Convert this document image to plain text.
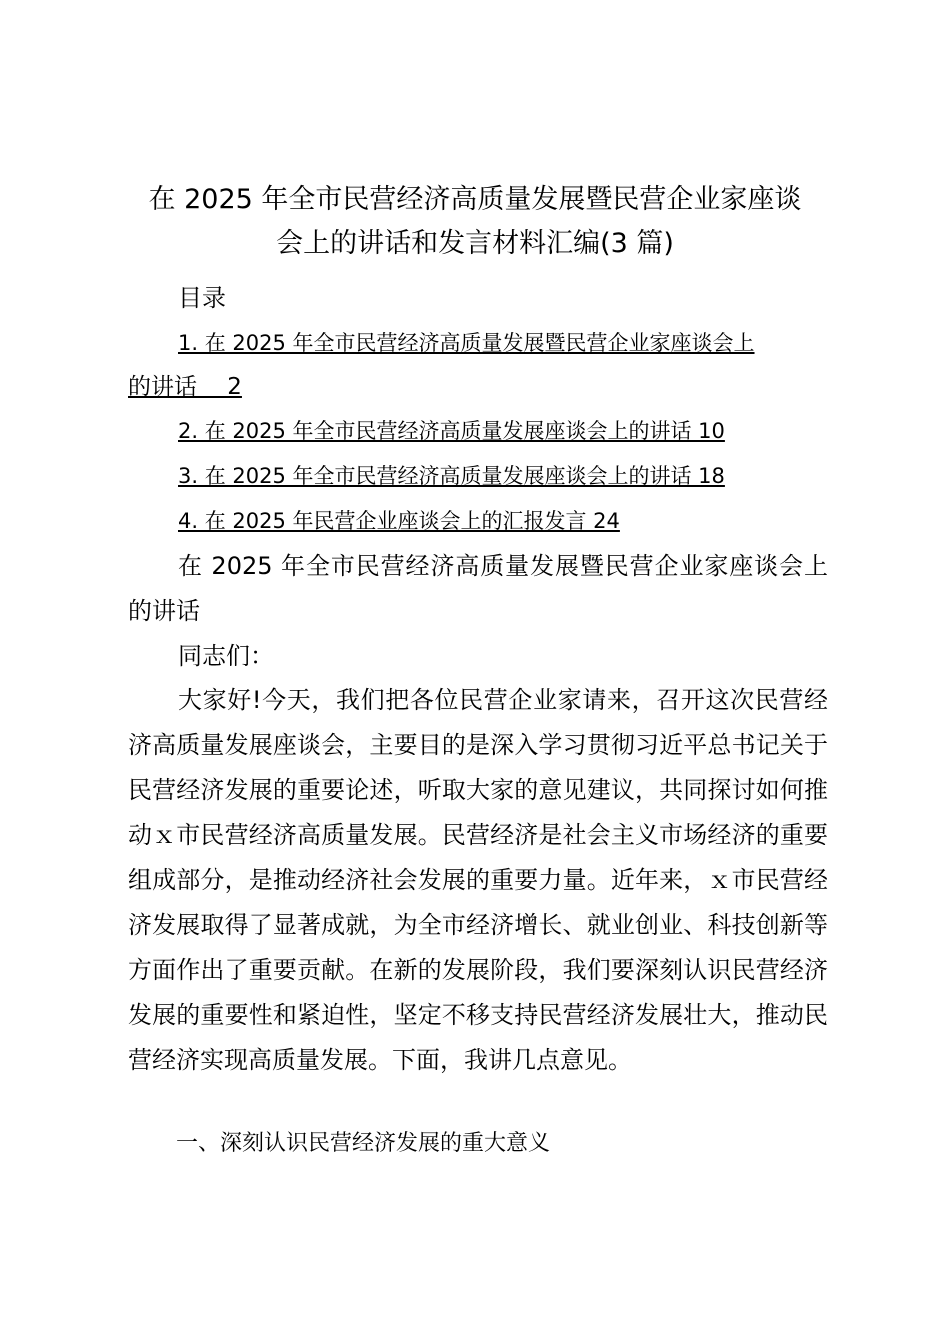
在 2025 年全市民营经济高质量发展暨民营企业家座谈
会上的讲话和发言材料汇编(3 篇)
目录
1. 在 2025 年全市民营经济高质量发展暨民营企业家座谈会上
的讲话　 2
2. 在 2025 年全市民营经济高质量发展座谈会上的讲话 10
3. 在 2025 年全市民营经济高质量发展座谈会上的讲话 18
4. 在 2025 年民营企业座谈会上的汇报发言 24
在 2025 年全市民营经济高质量发展暨民营企业家座谈会上的讲话
同志们：
大家好!今天，我们把各位民营企业家请来，召开这次民营经济高质量发展座谈会，主要目的是深入学习贯彻习近平总书记关于民营经济发展的重要论述，听取大家的意见建议，共同探讨如何推动ｘ市民营经济高质量发展。民营经济是社会主义市场经济的重要组成部分，是推动经济社会发展的重要力量。近年来，ｘ市民营经济发展取得了显著成就，为全市经济增长、就业创业、科技创新等方面作出了重要贡献。在新的发展阶段，我们要深刻认识民营经济发展的重要性和紧迫性，坚定不移支持民营经济发展壮大，推动民营经济实现高质量发展。下面，我讲几点意见。
一、深刻认识民营经济发展的重大意义
